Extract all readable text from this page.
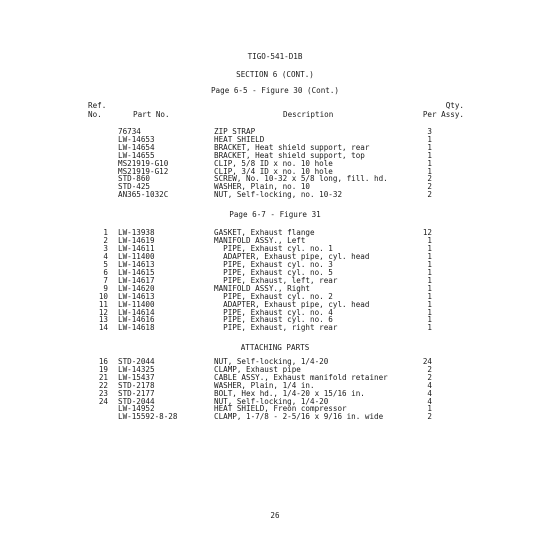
TIGO-541-D1B
SECTION 6 (CONT.)
Page 6-5 - Figure 30 (Cont.)
Ref.
No.	Part No.	Description
Qty.
Per Assy.
76734	ZIP STRAP	3
LW-14653	HEAT SHIELD	1
LW-14654	BRACKET, Heat shield support, rear	1
LW-14655	BRACKET, Heat shield support, top	1
MS21919-G10	CLIP, 5/8 ID x no. 10 hole	1
MS21919-G12	CLIP, 3/4 ID x no. 10 hole	1
STD-860	SCREW, No. 10-32 x 5/8 long, fill. hd.	2
STD-425	WASHER, Plain, no. 10	2
AN365-1032C	NUT, Self-locking, no. 10-32	2
Page 6-7 - Figure 31
1 LW-13938	GASKET, Exhaust flange	12
2 LW-14619	MANIFOLD ASSY., Left	1
3 LW-14611	PIPE, Exhaust cyl. no. 1	1
4 LW-11400	ADAPTER, Exhaust pipe, cyl. head	1
5 LW-14613	PIPE, Exhaust cyl. no. 3	1
6 LW-14615	PIPE, Exhaust cyl. no. 5	1
7 LW-14617	PIPE, Exhaust, left, rear	1
9 LW-14620	MANIFOLD ASSY., Right	1
10 LW-14613	PIPE, Exhaust cyl. no. 2	1
11 LW-11400	ADAPTER, Exhaust pipe, cyl. head	1
12 LW-14614	PIPE, Exhaust cyl. no. 4	1
13 LW-14616	PIPE, Exhaust cyl. no. 6	1
14 LW-14618	PIPE, Exhaust, right rear	1
ATTACHING PARTS
16 STD-2044	NUT, Self-locking, 1/4-20	24
19 LW-14325	CLAMP, Exhaust pipe	2
21 LW-15437	CABLE ASSY., Exhaust manifold retainer	2
22 STD-2178	WASHER, Plain, 1/4 in.	4
23 STD-2177	BOLT, Hex hd., 1/4-20 x 15/16 in.	4
24 STD-2044	NUT, Self-locking, 1/4-20	4
LW-14952	HEAT SHIELD, Freon compressor	1
LW-15592-8-28	CLAMP, 1-7/8 - 2-5/16 x 9/16 in. wide	2
26
